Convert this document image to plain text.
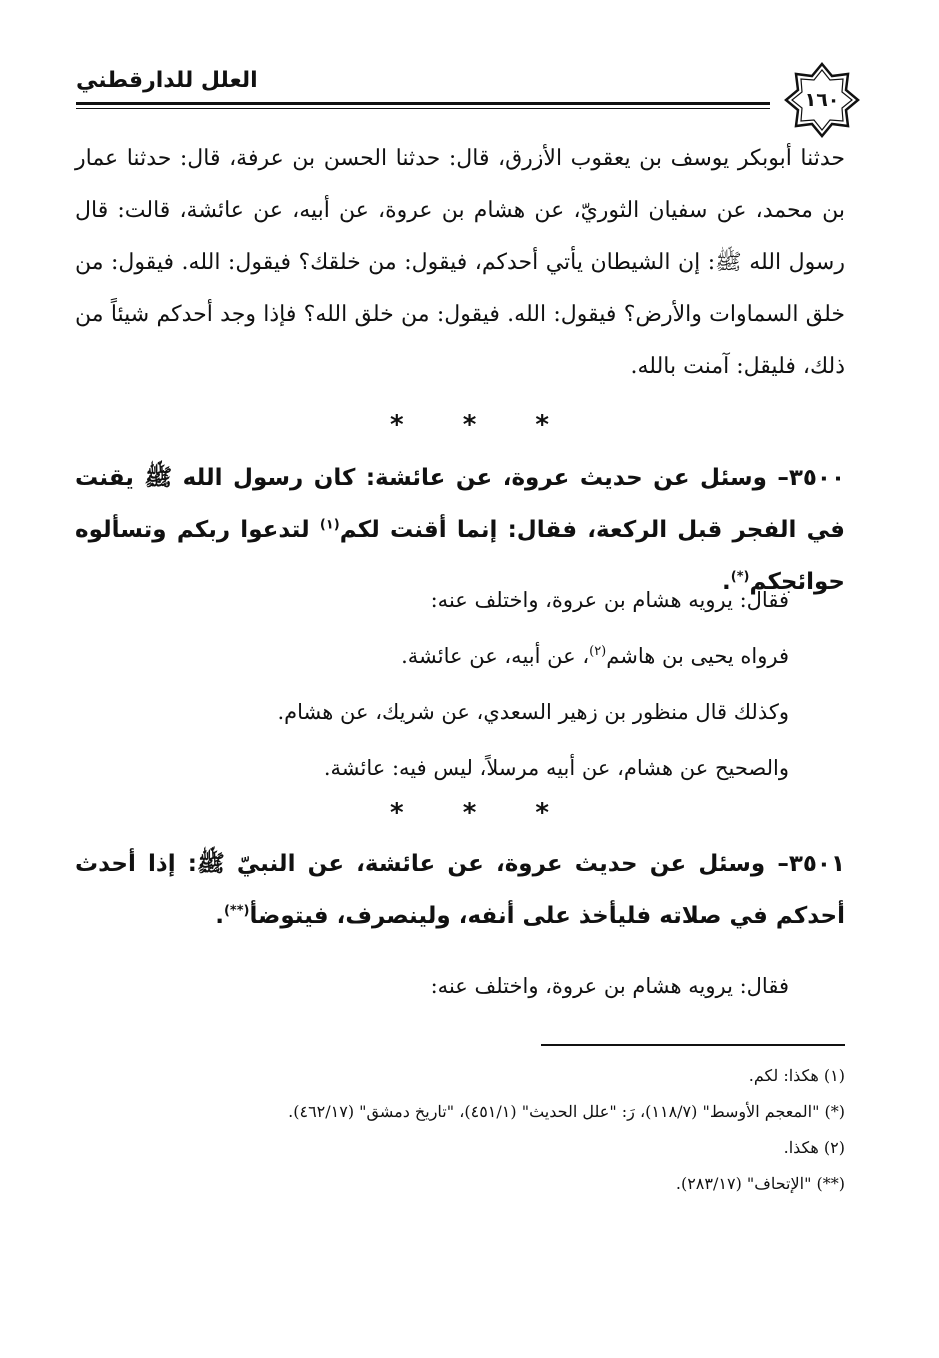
١٦٠
العلل للدارقطني
حدثنا أبوبكر يوسف بن يعقوب الأزرق، قال: حدثنا الحسن بن عرفة، قال: حدثنا عمار بن محمد، عن سفيان الثوريّ، عن هشام بن عروة، عن أبيه، عن عائشة، قالت: قال رسول الله ﷺ: إن الشيطان يأتي أحدكم، فيقول: من خلقك؟ فيقول: الله. فيقول: من خلق السماوات والأرض؟ فيقول: الله. فيقول: من خلق الله؟ فإذا وجد أحدكم شيئاً من ذلك، فليقل: آمنت بالله.
* * *
٣٥٠٠– وسئل عن حديث عروة، عن عائشة: كان رسول الله ﷺ يقنت في الفجر قبل الركعة، فقال: إنما أقنت لكم$^{(١)}$ لتدعوا ربكم وتسألوه حوائجكم(*).
فقال: يرويه هشام بن عروة، واختلف عنه:
فرواه يحيى بن هاشم$^{(٢)}$، عن أبيه، عن عائشة.
وكذلك قال منظور بن زهير السعدي، عن شريك، عن هشام.
والصحيح عن هشام، عن أبيه مرسلاً، ليس فيه: عائشة.
* * *
٣٥٠١– وسئل عن حديث عروة، عن عائشة، عن النبيّ ﷺ: إذا أحدث أحدكم في صلاته فليأخذ على أنفه، ولينصرف، فيتوضأ(**).
فقال: يرويه هشام بن عروة، واختلف عنه:
(١) هكذا: لكم.
(*) "المعجم الأوسط" (١١٨/٧)، رَ: "علل الحديث" (٤٥١/١)، "تاريخ دمشق" (٤٦٢/١٧).
(٢) هكذا.
(**) "الإتحاف" (٢٨٣/١٧).
